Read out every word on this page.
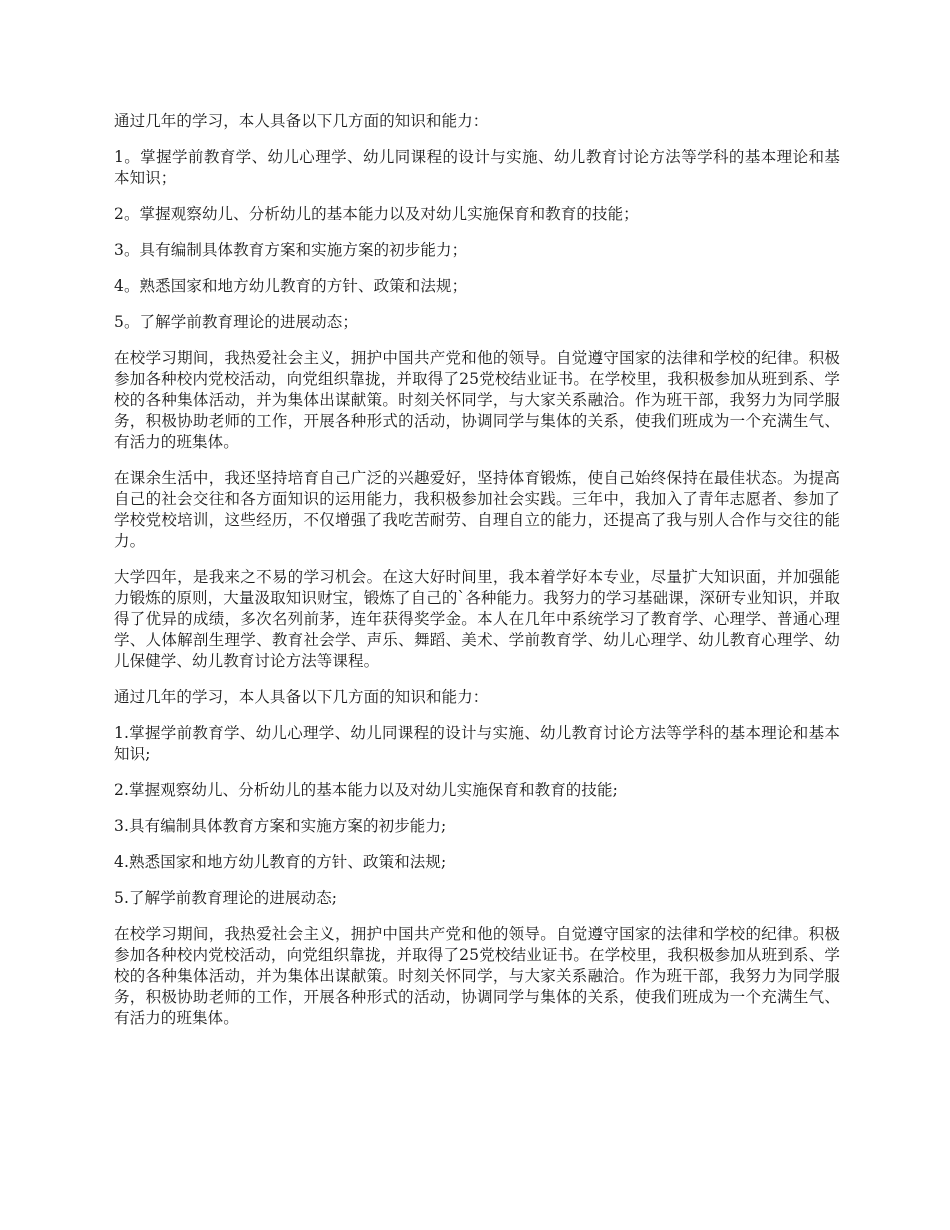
通过几年的学习，本人具备以下几方面的知识和能力：

1。掌握学前教育学、幼儿心理学、幼儿同课程的设计与实施、幼儿教育讨论方法等学科的基本理论和基本知识；

2。掌握观察幼儿、分析幼儿的基本能力以及对幼儿实施保育和教育的技能；

3。具有编制具体教育方案和实施方案的初步能力；

4。熟悉国家和地方幼儿教育的方针、政策和法规；

5。了解学前教育理论的进展动态；

在校学习期间，我热爱社会主义，拥护中国共产党和他的领导。自觉遵守国家的法律和学校的纪律。积极参加各种校内党校活动，向党组织靠拢，并取得了25党校结业证书。在学校里，我积极参加从班到系、学校的各种集体活动，并为集体出谋献策。时刻关怀同学，与大家关系融洽。作为班干部，我努力为同学服务，积极协助老师的工作，开展各种形式的活动，协调同学与集体的关系，使我们班成为一个充满生气、有活力的班集体。

在课余生活中，我还坚持培育自己广泛的兴趣爱好，坚持体育锻炼，使自己始终保持在最佳状态。为提高自己的社会交往和各方面知识的运用能力，我积极参加社会实践。三年中，我加入了青年志愿者、参加了学校党校培训，这些经历，不仅增强了我吃苦耐劳、自理自立的能力，还提高了我与别人合作与交往的能力。

大学四年，是我来之不易的学习机会。在这大好时间里，我本着学好本专业，尽量扩大知识面，并加强能力锻炼的原则，大量汲取知识财宝，锻炼了自己的`各种能力。我努力的学习基础课，深研专业知识，并取得了优异的成绩，多次名列前茅，连年获得奖学金。本人在几年中系统学习了教育学、心理学、普通心理学、人体解剖生理学、教育社会学、声乐、舞蹈、美术、学前教育学、幼儿心理学、幼儿教育心理学、幼儿保健学、幼儿教育讨论方法等课程。

通过几年的学习，本人具备以下几方面的知识和能力：

1.掌握学前教育学、幼儿心理学、幼儿同课程的设计与实施、幼儿教育讨论方法等学科的基本理论和基本知识;

2.掌握观察幼儿、分析幼儿的基本能力以及对幼儿实施保育和教育的技能;

3.具有编制具体教育方案和实施方案的初步能力;

4.熟悉国家和地方幼儿教育的方针、政策和法规;

5.了解学前教育理论的进展动态;

在校学习期间，我热爱社会主义，拥护中国共产党和他的领导。自觉遵守国家的法律和学校的纪律。积极参加各种校内党校活动，向党组织靠拢，并取得了25党校结业证书。在学校里，我积极参加从班到系、学校的各种集体活动，并为集体出谋献策。时刻关怀同学，与大家关系融洽。作为班干部，我努力为同学服务，积极协助老师的工作，开展各种形式的活动，协调同学与集体的关系，使我们班成为一个充满生气、有活力的班集体。
